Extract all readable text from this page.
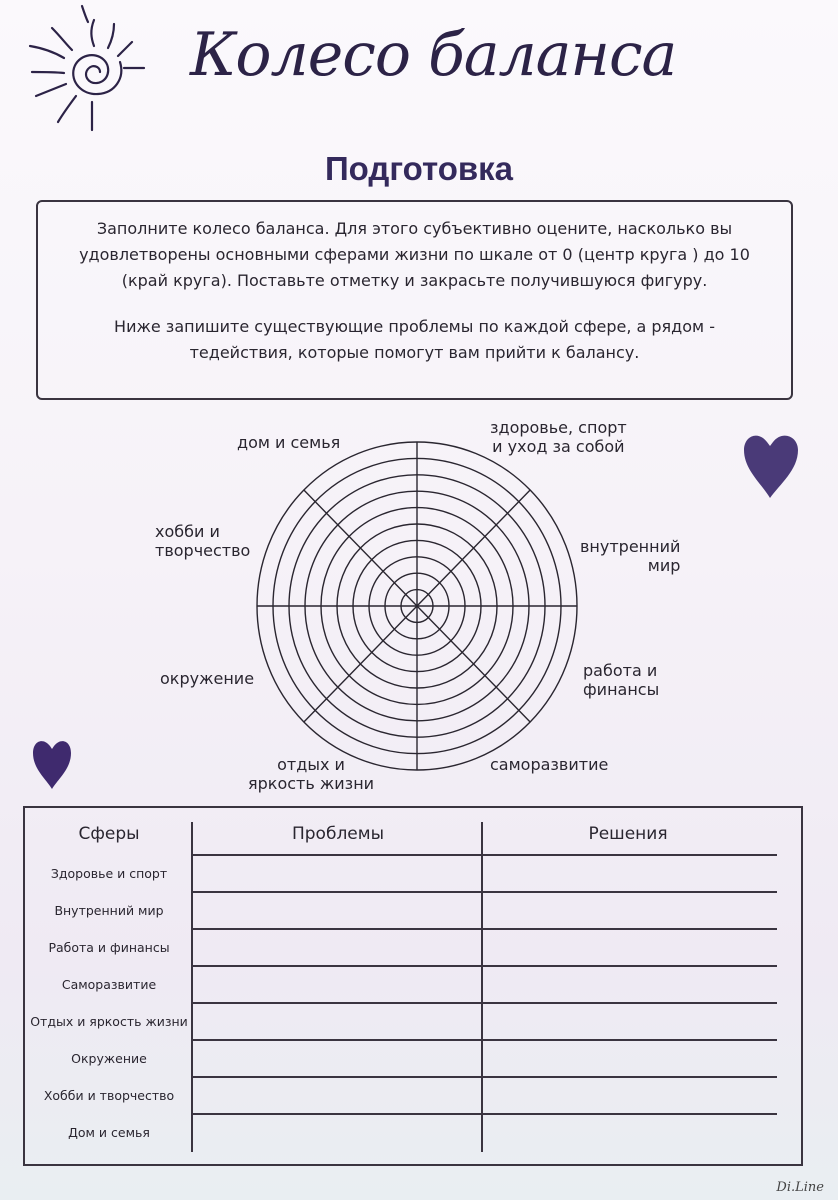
Колесо баланса
Подготовка

Заполните колесо баланса. Для этого субъективно оцените, насколько вы удовлетворены основными сферами жизни по шкале от 0 (центр круга ) до 10 (край круга). Поставьте отметку и закрасьте получившуюся фигуру.

Ниже запишите существующие проблемы по каждой сфере, а рядом - тедействия, которые помогут вам прийти к балансу.

дом и семья
здоровье, спорт
и уход за собой
хобби и
творчество	внутренний
мир
окружение	работа и
финансы
отдых и
яркость жизни
саморазвитие
Сферы	Проблемы	Решения
Здоровье и спорт
Внутренний мир
Работа и финансы
Саморазвитие
Отдых и яркость жизни
Окружение
Хобби и творчество
Дом и семья
Di.Line
